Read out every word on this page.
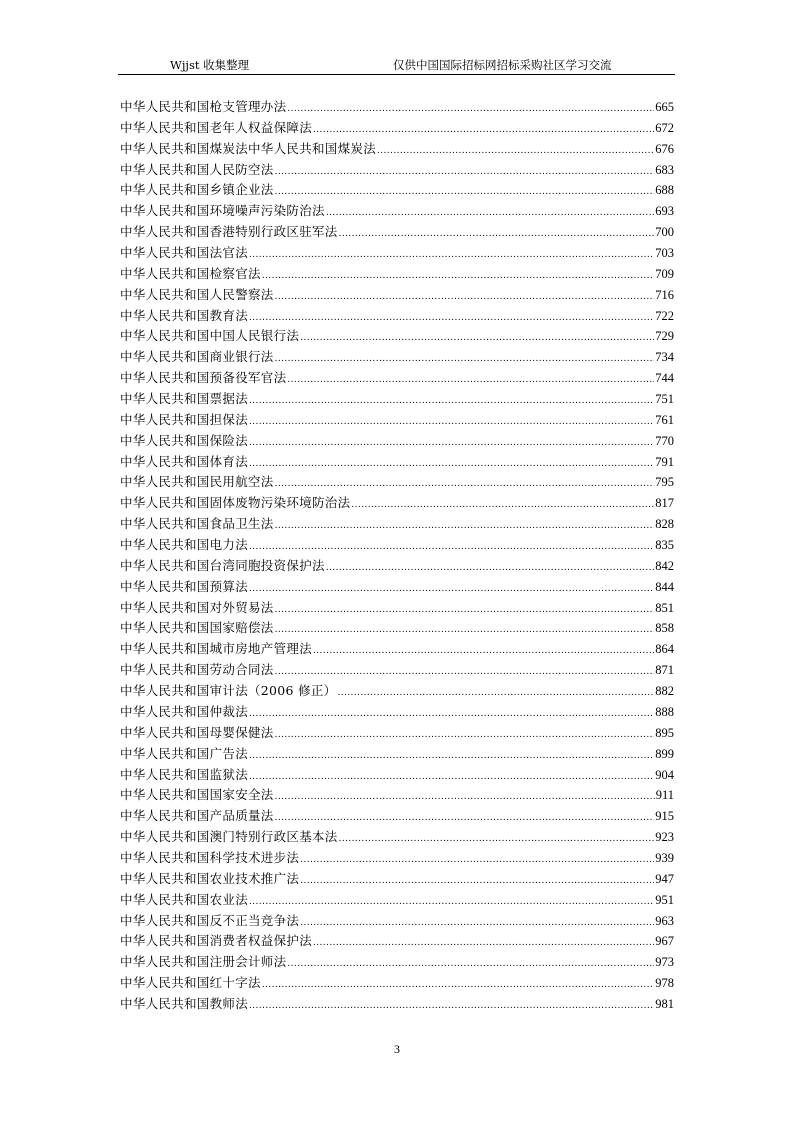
Wjjst 收集整理	仅供中国国际招标网招标采购社区学习交流
中华人民共和国枪支管理办法 .....	665
中华人民共和国老年人权益保障法 .....	672
中华人民共和国煤炭法中华人民共和国煤炭法 .....	676
中华人民共和国人民防空法 .....	683
中华人民共和国乡镇企业法 .....	688
中华人民共和国环境噪声污染防治法 .....	693
中华人民共和国香港特别行政区驻军法 .....	700
中华人民共和国法官法 .....	703
中华人民共和国检察官法 .....	709
中华人民共和国人民警察法 .....	716
中华人民共和国教育法 .....	722
中华人民共和国中国人民银行法 .....	729
中华人民共和国商业银行法 .....	734
中华人民共和国预备役军官法 .....	744
中华人民共和国票据法 .....	751
中华人民共和国担保法 .....	761
中华人民共和国保险法 .....	770
中华人民共和国体育法 .....	791
中华人民共和国民用航空法 .....	795
中华人民共和国固体废物污染环境防治法 .....	817
中华人民共和国食品卫生法 .....	828
中华人民共和国电力法 .....	835
中华人民共和国台湾同胞投资保护法 .....	842
中华人民共和国预算法 .....	844
中华人民共和国对外贸易法 .....	851
中华人民共和国国家赔偿法 .....	858
中华人民共和国城市房地产管理法 .....	864
中华人民共和国劳动合同法 .....	871
中华人民共和国审计法（2006 修正） .....	882
中华人民共和国仲裁法 .....	888
中华人民共和国母婴保健法 .....	895
中华人民共和国广告法 .....	899
中华人民共和国监狱法 .....	904
中华人民共和国国家安全法 .....	911
中华人民共和国产品质量法 .....	915
中华人民共和国澳门特别行政区基本法 .....	923
中华人民共和国科学技术进步法 .....	939
中华人民共和国农业技术推广法 .....	947
中华人民共和国农业法 .....	951
中华人民共和国反不正当竞争法 .....	963
中华人民共和国消费者权益保护法 .....	967
中华人民共和国注册会计师法 .....	973
中华人民共和国红十字法 .....	978
中华人民共和国教师法 .....	981
3
